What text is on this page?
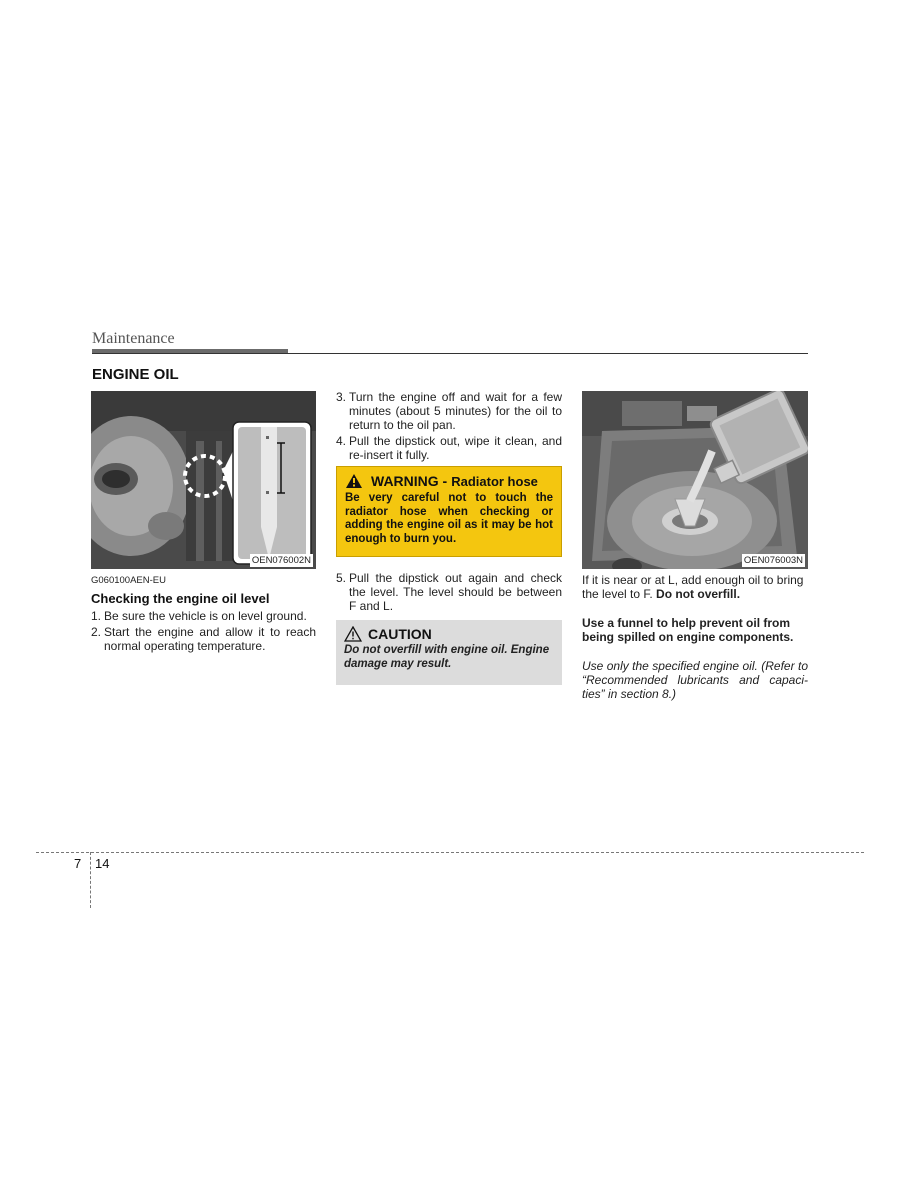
Maintenance
ENGINE OIL
OEN076002N
G060100AEN-EU
Checking the engine oil level
1. Be sure the vehicle is on level ground.
2. Start the engine and allow it to reach normal operating temperature.
3. Turn the engine off and wait for a few minutes (about 5 minutes) for the oil to return to the oil pan.
4. Pull the dipstick out, wipe it clean, and re-insert it fully.
WARNING - Radiator hose
Be very careful not to touch the radiator hose when checking or adding the engine oil as it may be hot enough to burn you.
5. Pull the dipstick out again and check the level. The level should be between F and L.
CAUTION
Do not overfill with engine oil. Engine damage may result.
OEN076003N

If it is near or at L, add enough oil to bring the level to F. Do not overfill.

Use a funnel to help prevent oil from being spilled on engine components.

Use only the specified engine oil. (Refer to “Recommended lubricants and capaci-ties” in section 8.)

7 14
